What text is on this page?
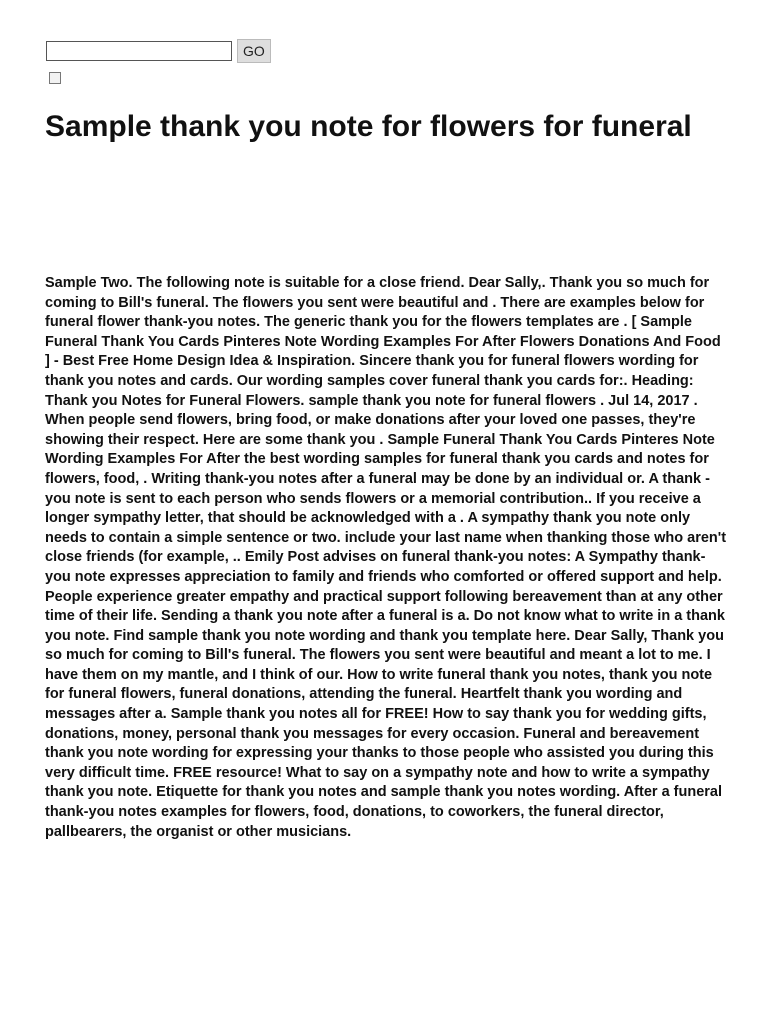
GO
Sample thank you note for flowers for funeral

Sample Two. The following note is suitable for a close friend. Dear Sally,. Thank you so much for coming to Bill's funeral. The flowers you sent were beautiful and . There are examples below for funeral flower thank-you notes. The generic thank you for the flowers templates are . [ Sample Funeral Thank You Cards Pinteres Note Wording Examples For After Flowers Donations And Food ] - Best Free Home Design Idea & Inspiration. Sincere thank you for funeral flowers wording for thank you notes and cards. Our wording samples cover funeral thank you cards for:. Heading: Thank you Notes for Funeral Flowers. sample thank you note for funeral flowers . Jul 14, 2017 . When people send flowers, bring food, or make donations after your loved one passes, they're showing their respect. Here are some thank you . Sample Funeral Thank You Cards Pinteres Note Wording Examples For After the best wording samples for funeral thank you cards and notes for flowers, food, . Writing thank-you notes after a funeral may be done by an individual or. A thank -you note is sent to each person who sends flowers or a memorial contribution.. If you receive a longer sympathy letter, that should be acknowledged with a . A sympathy thank you note only needs to contain a simple sentence or two. include your last name when thanking those who aren't close friends (for example, .. Emily Post advises on funeral thank-you notes: A Sympathy thank-you note expresses appreciation to family and friends who comforted or offered support and help. People experience greater empathy and practical support following bereavement than at any other time of their life. Sending a thank you note after a funeral is a. Do not know what to write in a thank you note. Find sample thank you note wording and thank you template here. Dear Sally, Thank you so much for coming to Bill's funeral. The flowers you sent were beautiful and meant a lot to me. I have them on my mantle, and I think of our. How to write funeral thank you notes, thank you note for funeral flowers, funeral donations, attending the funeral. Heartfelt thank you wording and messages after a. Sample thank you notes all for FREE! How to say thank you for wedding gifts, donations, money, personal thank you messages for every occasion. Funeral and bereavement thank you note wording for expressing your thanks to those people who assisted you during this very difficult time. FREE resource! What to say on a sympathy note and how to write a sympathy thank you note. Etiquette for thank you notes and sample thank you notes wording. After a funeral thank-you notes examples for flowers, food, donations, to coworkers, the funeral director, pallbearers, the organist or other musicians.
